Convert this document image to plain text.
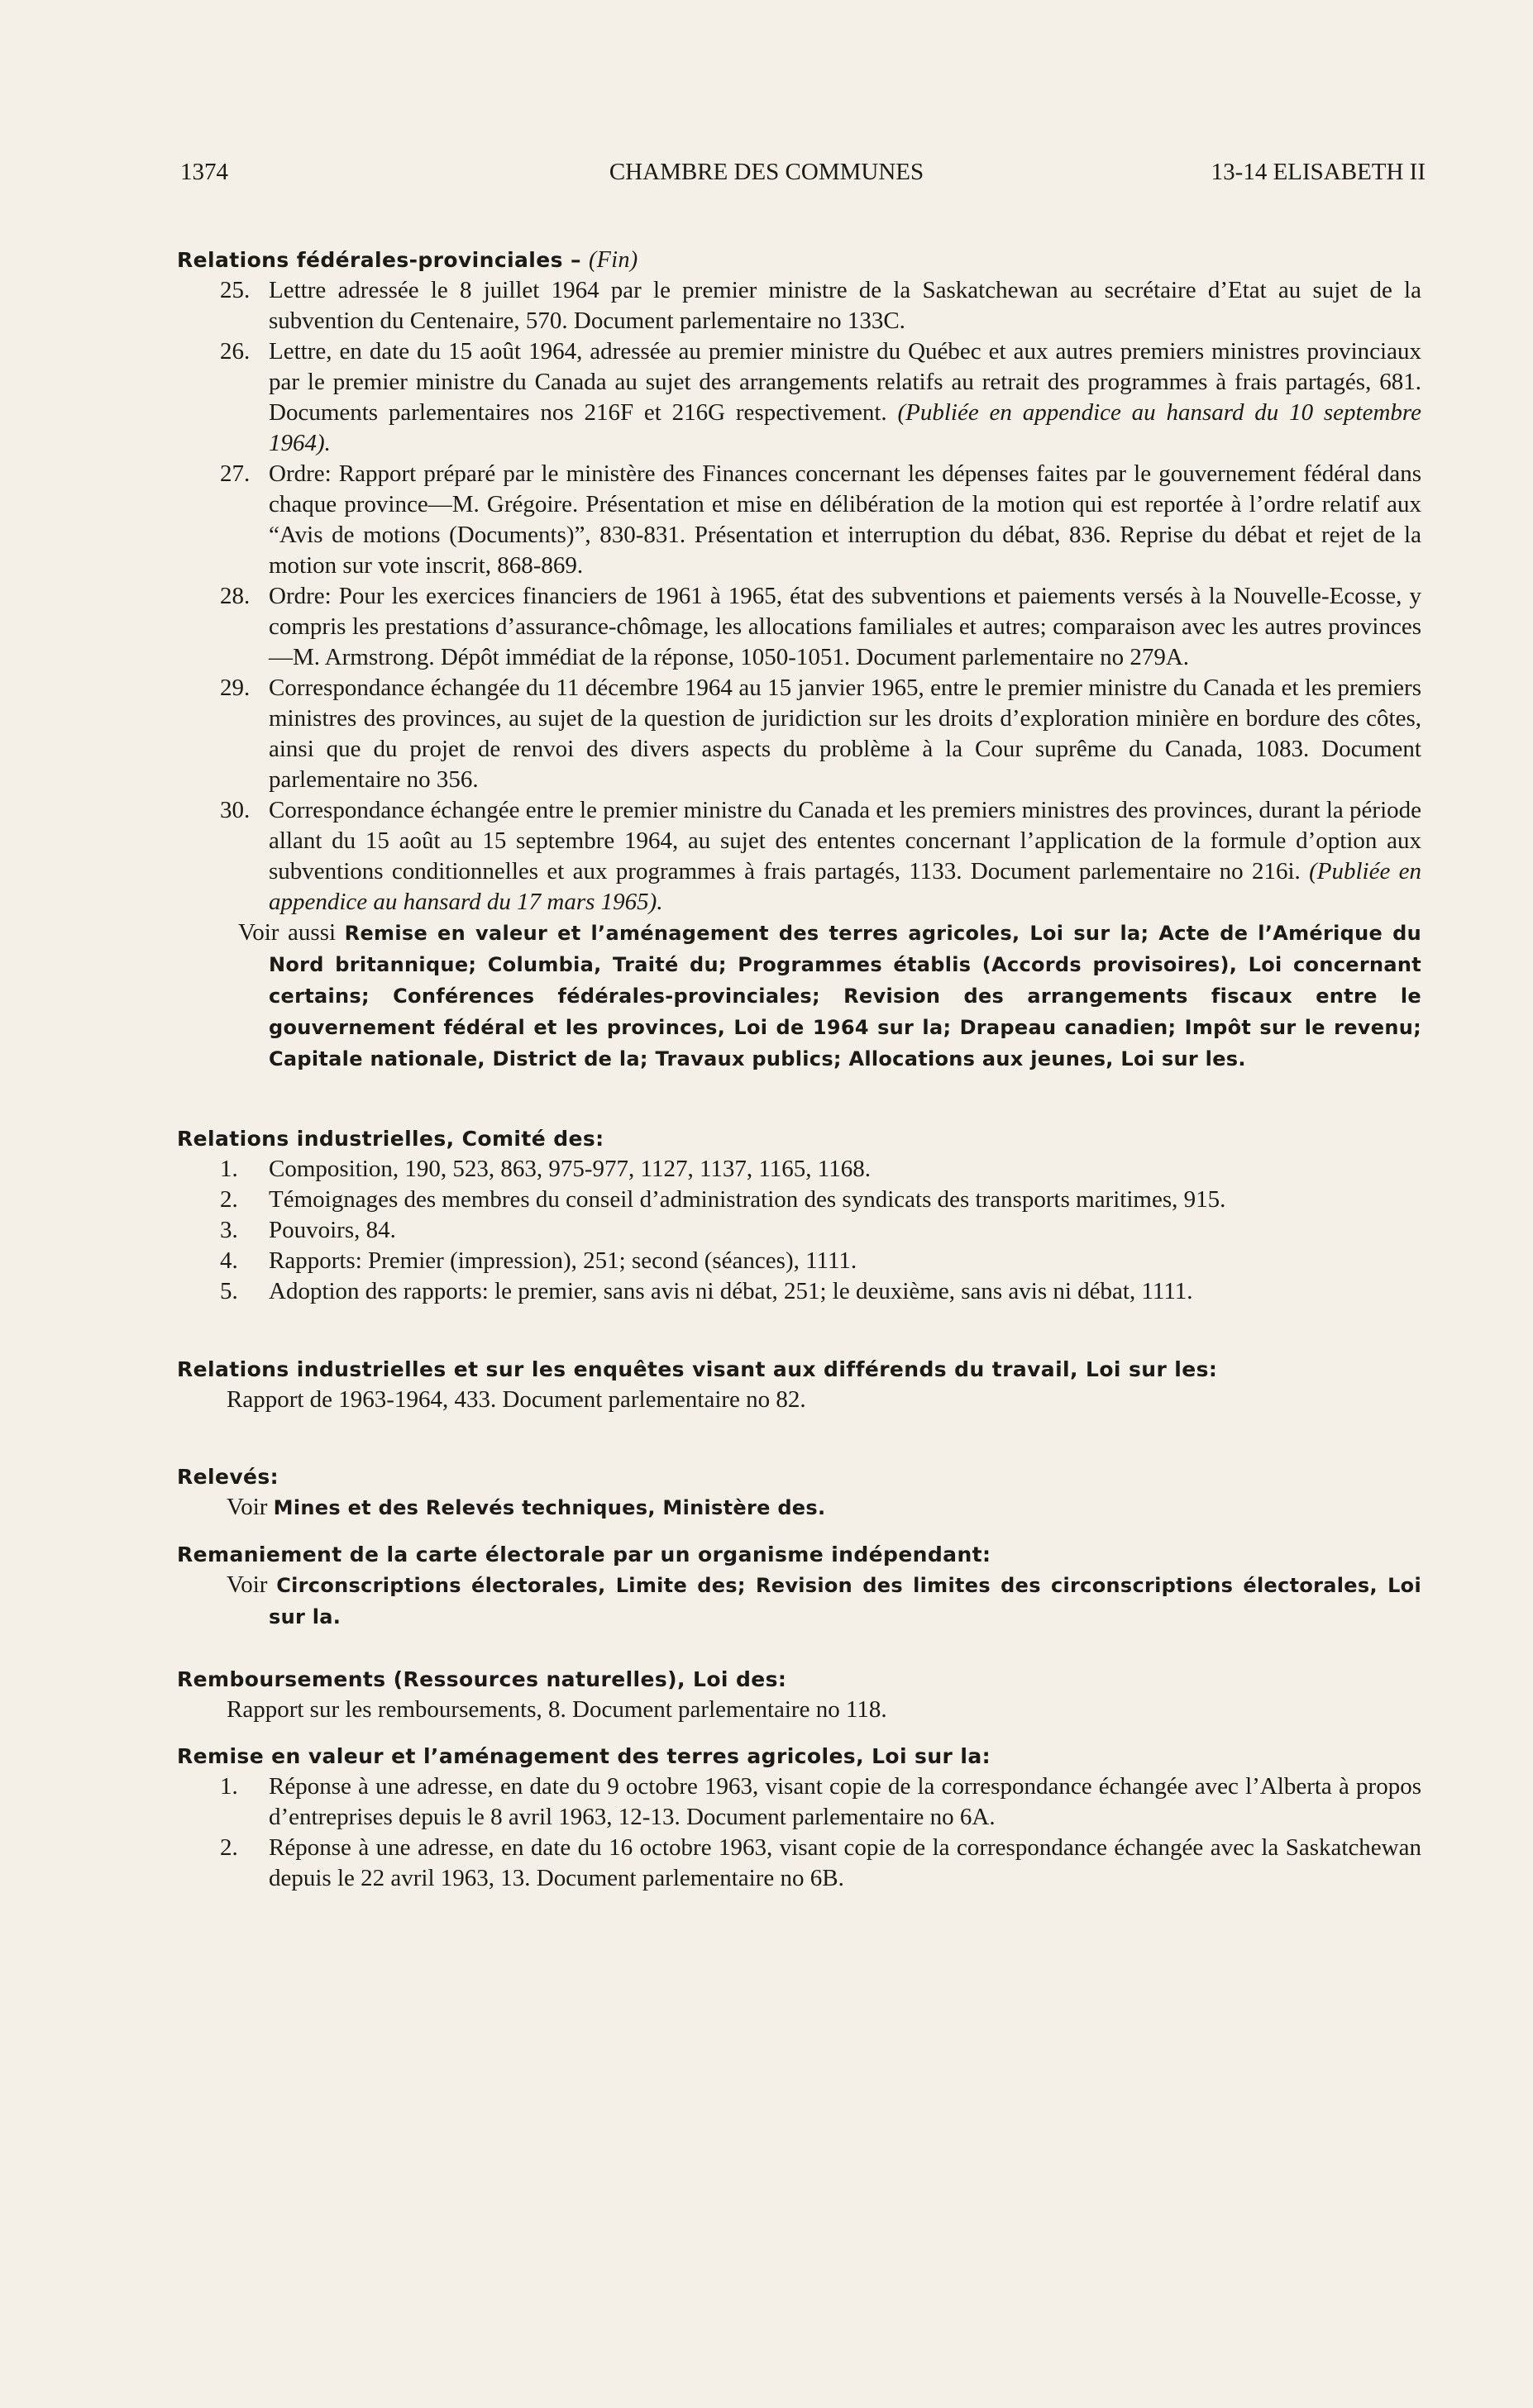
1374	CHAMBRE DES COMMUNES	13-14 ELISABETH II
Relations fédérales-provinciales – (Fin)
25. Lettre adressée le 8 juillet 1964 par le premier ministre de la Saskatchewan au secrétaire d’Etat au sujet de la subvention du Centenaire, 570. Document parlementaire no 133C.
26. Lettre, en date du 15 août 1964, adressée au premier ministre du Québec et aux autres premiers ministres provinciaux par le premier ministre du Canada au sujet des arrangements relatifs au retrait des programmes à frais partagés, 681. Documents parlementaires nos 216F et 216G respectivement. (Publiée en appendice au hansard du 10 septembre 1964).
27. Ordre: Rapport préparé par le ministère des Finances concernant les dépenses faites par le gouvernement fédéral dans chaque province—M. Grégoire. Présentation et mise en délibération de la motion qui est reportée à l’ordre relatif aux “Avis de motions (Documents)”, 830-831. Présentation et interruption du débat, 836. Reprise du débat et rejet de la motion sur vote inscrit, 868-869.
28. Ordre: Pour les exercices financiers de 1961 à 1965, état des subventions et paiements versés à la Nouvelle-Ecosse, y compris les prestations d’assurance-chômage, les allocations familiales et autres; comparaison avec les autres provinces—M. Armstrong. Dépôt immédiat de la réponse, 1050-1051. Document parlementaire no 279A.
29. Correspondance échangée du 11 décembre 1964 au 15 janvier 1965, entre le premier ministre du Canada et les premiers ministres des provinces, au sujet de la question de juridiction sur les droits d’exploration minière en bordure des côtes, ainsi que du projet de renvoi des divers aspects du problème à la Cour suprême du Canada, 1083. Document parlementaire no 356.
30. Correspondance échangée entre le premier ministre du Canada et les premiers ministres des provinces, durant la période allant du 15 août au 15 septembre 1964, au sujet des ententes concernant l’application de la formule d’option aux subventions conditionnelles et aux programmes à frais partagés, 1133. Document parlementaire no 216i. (Publiée en appendice au hansard du 17 mars 1965).

Voir aussi Remise en valeur et l’aménagement des terres agricoles, Loi sur la; Acte de l’Amérique du Nord britannique; Columbia, Traité du; Programmes établis (Accords provisoires), Loi concernant certains; Conférences fédérales-provinciales; Revision des arrangements fiscaux entre le gouvernement fédéral et les provinces, Loi de 1964 sur la; Drapeau canadien; Impôt sur le revenu; Capitale nationale, District de la; Travaux publics; Allocations aux jeunes, Loi sur les.

Relations industrielles, Comité des:
1. Composition, 190, 523, 863, 975-977, 1127, 1137, 1165, 1168.
2. Témoignages des membres du conseil d’administration des syndicats des transports maritimes, 915.
3. Pouvoirs, 84.
4. Rapports: Premier (impression), 251; second (séances), 1111.
5. Adoption des rapports: le premier, sans avis ni débat, 251; le deuxième, sans avis ni débat, 1111.
Relations industrielles et sur les enquêtes visant aux différends du travail, Loi sur les:
Rapport de 1963-1964, 433. Document parlementaire no 82.
Relevés:
Voir Mines et des Relevés techniques, Ministère des.
Remaniement de la carte électorale par un organisme indépendant:
Voir Circonscriptions électorales, Limite des; Revision des limites des circonscriptions électorales, Loi sur la.
Remboursements (Ressources naturelles), Loi des:
Rapport sur les remboursements, 8. Document parlementaire no 118.
Remise en valeur et l’aménagement des terres agricoles, Loi sur la:
1. Réponse à une adresse, en date du 9 octobre 1963, visant copie de la correspondance échangée avec l’Alberta à propos d’entreprises depuis le 8 avril 1963, 12-13. Document parlementaire no 6A.
2. Réponse à une adresse, en date du 16 octobre 1963, visant copie de la correspondance échangée avec la Saskatchewan depuis le 22 avril 1963, 13. Document parlementaire no 6B.
